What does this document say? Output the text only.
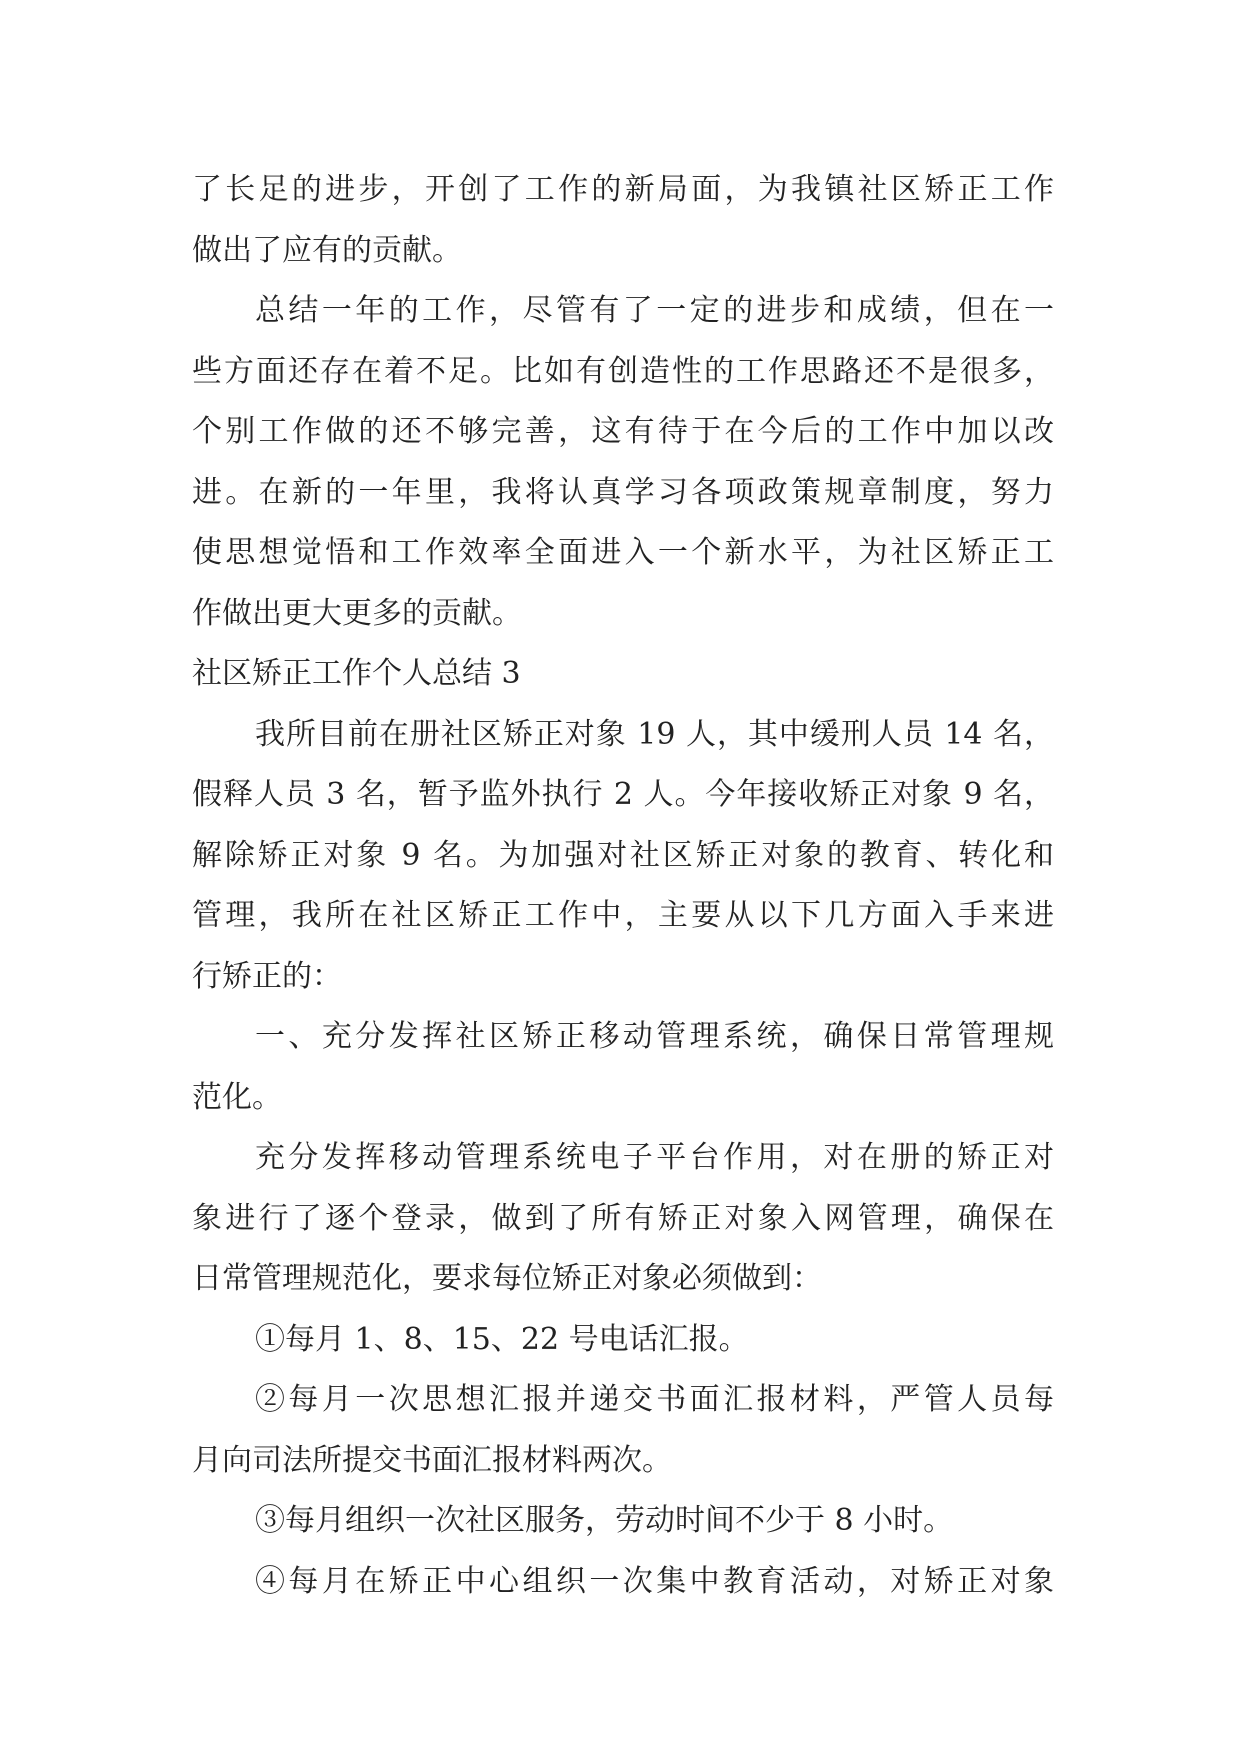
了长足的进步，开创了工作的新局面，为我镇社区矫正工作
做出了应有的贡献。
总结一年的工作，尽管有了一定的进步和成绩，但在一
些方面还存在着不足。比如有创造性的工作思路还不是很多，
个别工作做的还不够完善，这有待于在今后的工作中加以改
进。在新的一年里，我将认真学习各项政策规章制度，努力
使思想觉悟和工作效率全面进入一个新水平，为社区矫正工
作做出更大更多的贡献。
社区矫正工作个人总结 3
我所目前在册社区矫正对象 19 人，其中缓刑人员 14 名，
假释人员 3 名，暂予监外执行 2 人。今年接收矫正对象 9 名，
解除矫正对象 9 名。为加强对社区矫正对象的教育、转化和
管理，我所在社区矫正工作中，主要从以下几方面入手来进
行矫正的：
一、充分发挥社区矫正移动管理系统，确保日常管理规
范化。
充分发挥移动管理系统电子平台作用，对在册的矫正对
象进行了逐个登录，做到了所有矫正对象入网管理，确保在
日常管理规范化，要求每位矫正对象必须做到：
①每月 1、8、15、22 号电话汇报。
②每月一次思想汇报并递交书面汇报材料，严管人员每
月向司法所提交书面汇报材料两次。
③每月组织一次社区服务，劳动时间不少于 8 小时。
④每月在矫正中心组织一次集中教育活动，对矫正对象
